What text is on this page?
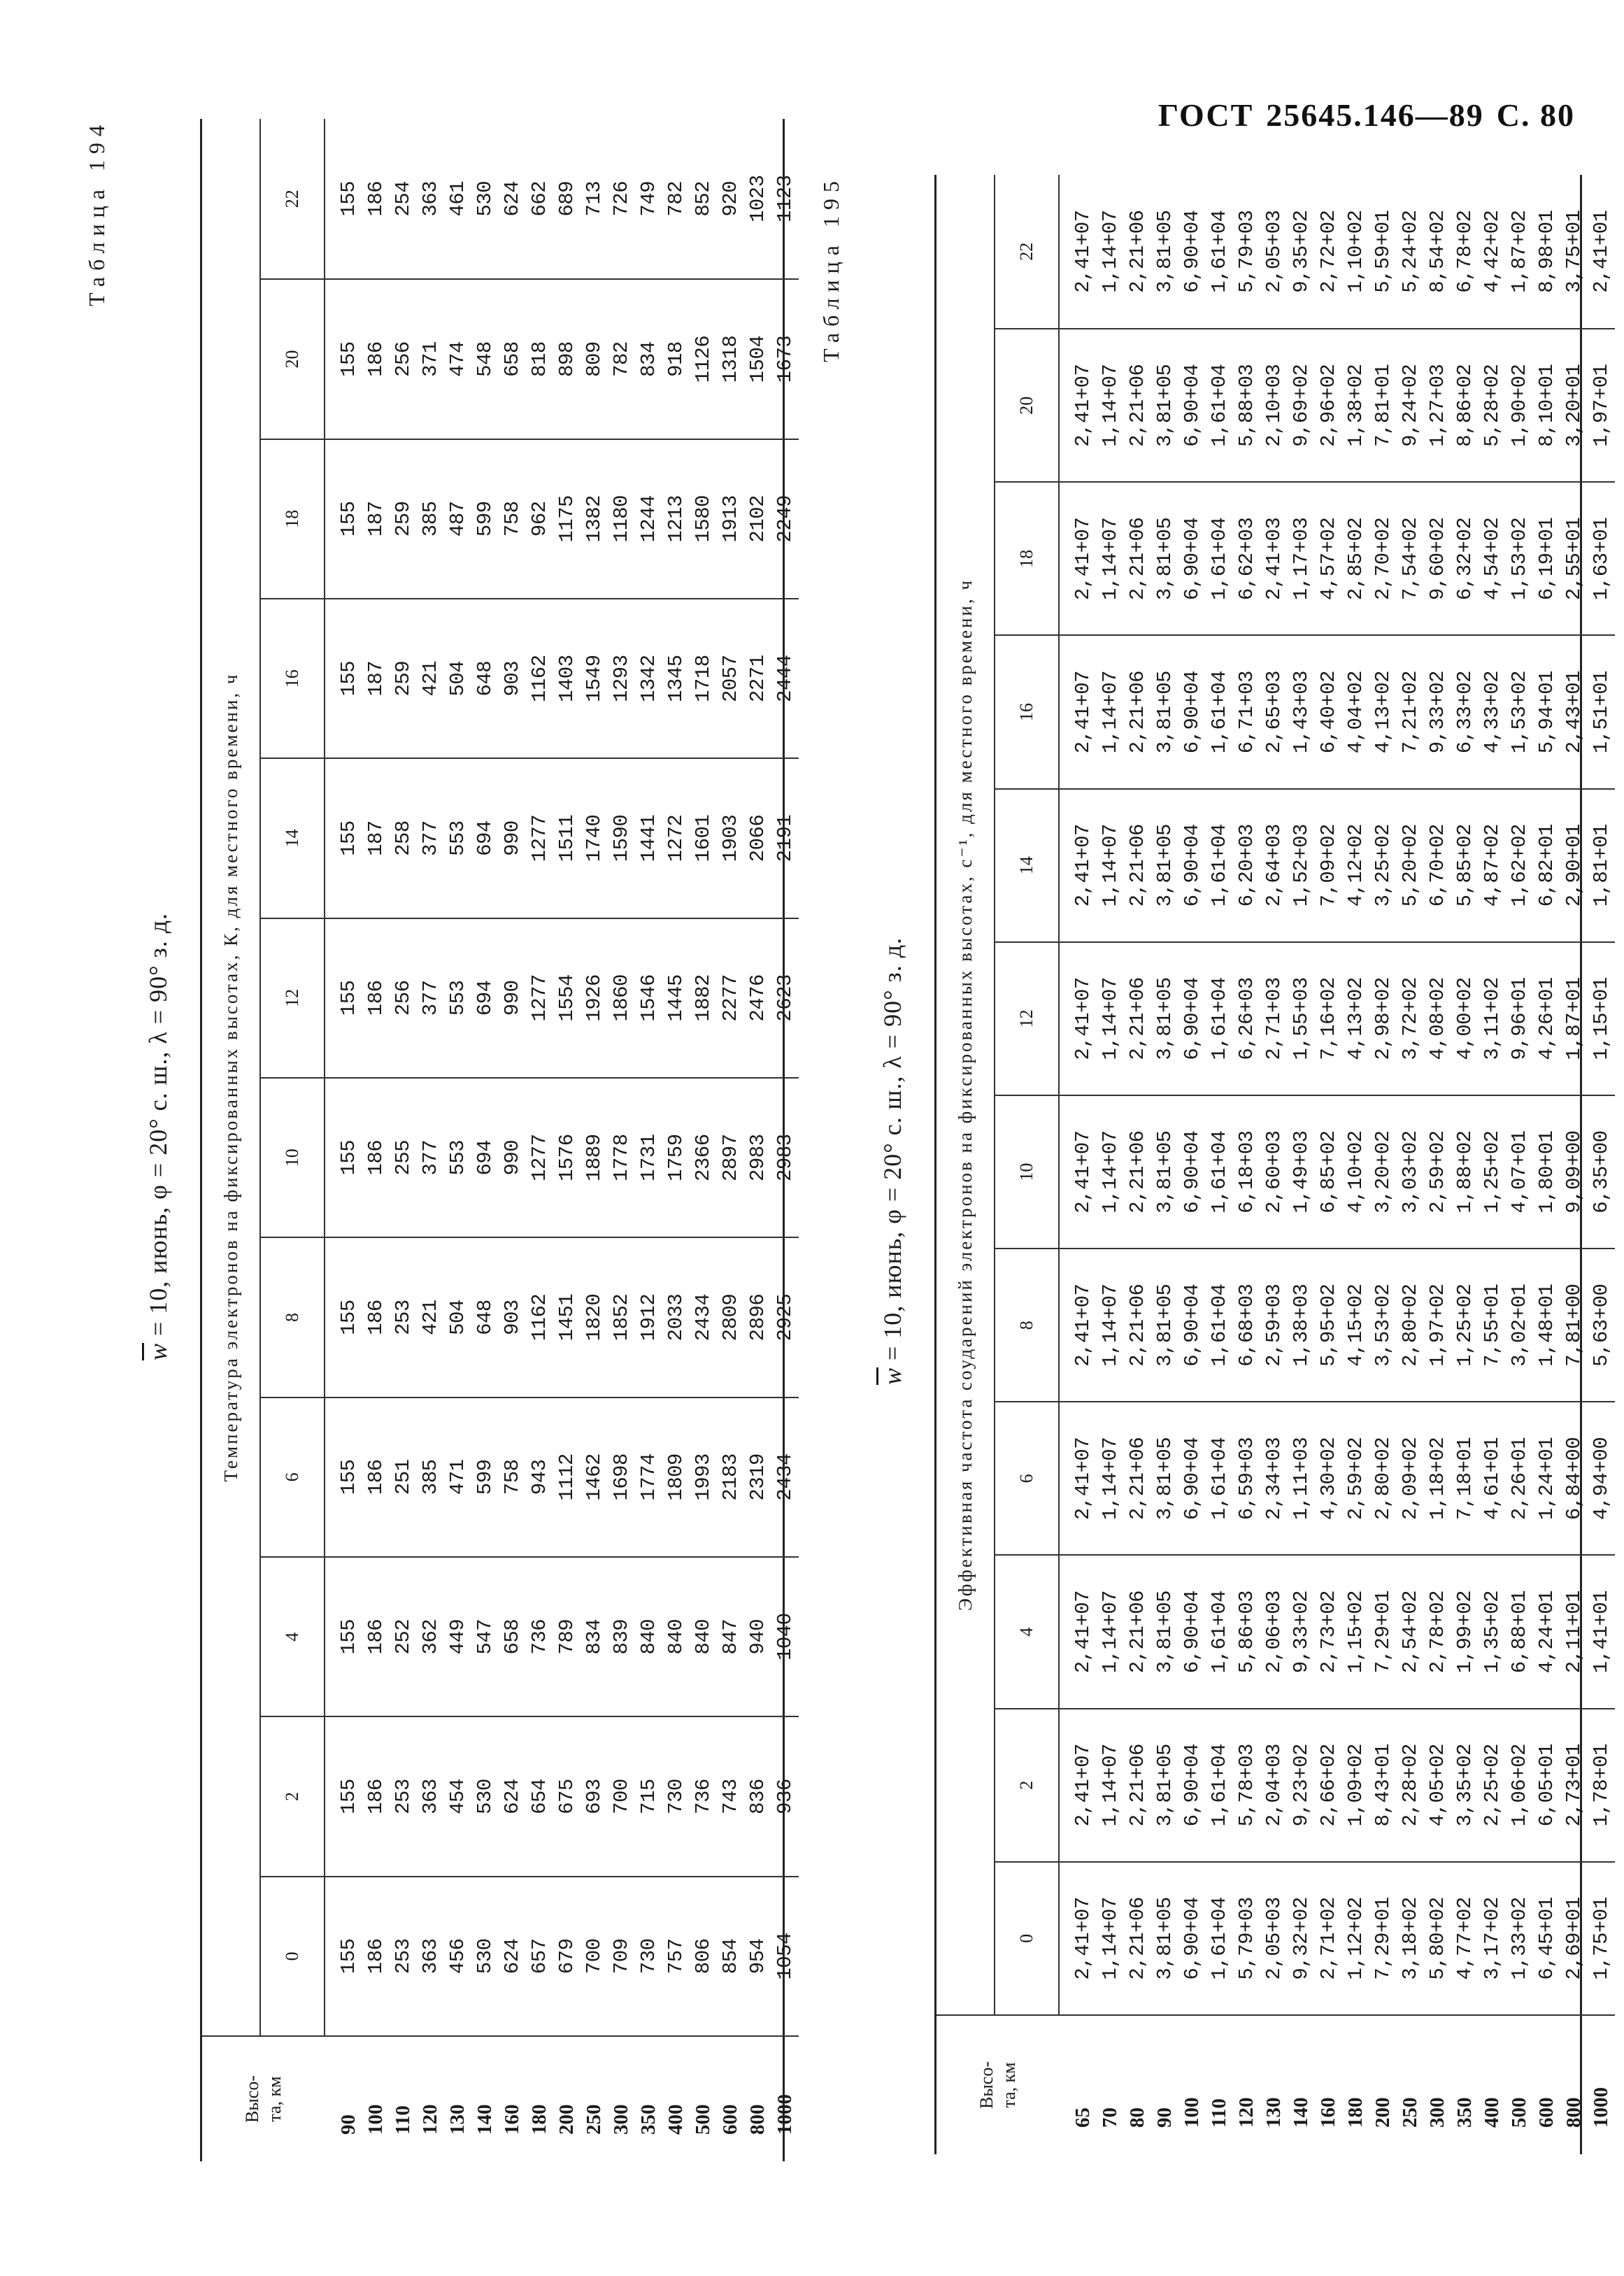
ГОСТ 25645.146—89 С. 80
Таблица 194
$\overline{w} = 10$, июнь, φ = 20° с. ш., λ = 90° з. д.
Высо-
та, км
Температура электронов на фиксированных высотах, К, для местного времени, ч
0
2
4
6
8
10
12
14
16
18
20
22
90 100 110 120 130 140 160 180 200 250 300 350 400 500 600 800 1000
155 186 253 363 456 530 624 657 679 700 709 730 757 806 854 954 1054
155 186 253 363 454 530 624 654 675 693 700 715 730 736 743 836 936
155 186 252 362 449 547 658 736 789 834 839 840 840 840 847 940 1040
155 186 251 385 471 599 758 943 1112 1462 1698 1774 1809 1993 2183 2319 2434
155 186 253 421 504 648 903 1162 1451 1820 1852 1912 2033 2434 2809 2896 2925
155 186 255 377 553 694 990 1277 1576 1889 1778 1731 1759 2366 2897 2983 2983
155 186 256 377 553 694 990 1277 1554 1926 1860 1546 1445 1882 2277 2476 2623
155 187 258 377 553 694 990 1277 1511 1740 1590 1441 1272 1601 1903 2066 2191
155 187 259 421 504 648 903 1162 1403 1549 1293 1342 1345 1718 2057 2271 2444
155 187 259 385 487 599 758 962 1175 1382 1180 1244 1213 1580 1913 2102 2249
155 186 256 371 474 548 658 818 898 809 782 834 918 1126 1318 1504 1673
155 186 254 363 461 530 624 662 689 713 726 749 782 852 920 1023 1123 Таблица 195
$\overline{w} = 10$, июнь, φ = 20° с. ш., λ = 90° з. д.
Высо-
та, км
Эффективная частота соударений электронов на фиксированных высотах, с⁻¹, для местного времени, ч
0
2
4
6
8
10
12
14
16
18
20
22
65 70 80 90 100 110 120 130 140 160 180 200 250 300 350 400 500 600 800 1000
2,41+07 1,14+07 2,21+06 3,81+05 6,90+04 1,61+04 5,79+03 2,05+03 9,32+02 2,71+02 1,12+02 7,29+01 3,18+02 5,80+02 4,77+02 3,17+02 1,33+02 6,45+01 2,69+01 1,75+01
2,41+07 1,14+07 2,21+06 3,81+05 6,90+04 1,61+04 5,78+03 2,04+03 9,23+02 2,66+02 1,09+02 8,43+01 2,28+02 4,05+02 3,35+02 2,25+02 1,06+02 6,05+01 2,73+01 1,78+01
2,41+07 1,14+07 2,21+06 3,81+05 6,90+04 1,61+04 5,86+03 2,06+03 9,33+02 2,73+02 1,15+02 7,29+01 2,54+02 2,78+02 1,99+02 1,35+02 6,88+01 4,24+01 2,11+01 1,41+01
2,41+07 1,14+07 2,21+06 3,81+05 6,90+04 1,61+04 6,59+03 2,34+03 1,11+03 4,30+02 2,59+02 2,80+02 2,09+02 1,18+02 7,18+01 4,61+01 2,26+01 1,24+01 6,84+00 4,94+00
2,41+07 1,14+07 2,21+06 3,81+05 6,90+04 1,61+04 6,68+03 2,59+03 1,38+03 5,95+02 4,15+02 3,53+02 2,80+02 1,97+02 1,25+02 7,55+01 3,02+01 1,48+01 7,81+00 5,63+00
2,41+07 1,14+07 2,21+06 3,81+05 6,90+04 1,61+04 6,18+03 2,60+03 1,49+03 6,85+02 4,10+02 3,20+02 3,03+02 2,59+02 1,88+02 1,25+02 4,07+01 1,80+01 9,09+00 6,35+00
2,41+07 1,14+07 2,21+06 3,81+05 6,90+04 1,61+04 6,26+03 2,71+03 1,55+03 7,16+02 4,13+02 2,98+02 3,72+02 4,08+02 4,00+02 3,11+02 9,96+01 4,26+01 1,87+01 1,15+01
2,41+07 1,14+07 2,21+06 3,81+05 6,90+04 1,61+04 6,20+03 2,64+03 1,52+03 7,09+02 4,12+02 3,25+02 5,20+02 6,70+02 5,85+02 4,87+02 1,62+02 6,82+01 2,90+01 1,81+01
2,41+07 1,14+07 2,21+06 3,81+05 6,90+04 1,61+04 6,71+03 2,65+03 1,43+03 6,40+02 4,04+02 4,13+02 7,21+02 9,33+02 6,33+02 4,33+02 1,53+02 5,94+01 2,43+01 1,51+01
2,41+07 1,14+07 2,21+06 3,81+05 6,90+04 1,61+04 6,62+03 2,41+03 1,17+03 4,57+02 2,85+02 2,70+02 7,54+02 9,60+02 6,32+02 4,54+02 1,53+02 6,19+01 2,55+01 1,63+01
2,41+07 1,14+07 2,21+06 3,81+05 6,90+04 1,61+04 5,88+03 2,10+03 9,69+02 2,96+02 1,38+02 7,81+01 9,24+02 1,27+03 8,86+02 5,28+02 1,90+02 8,10+01 3,20+01 1,97+01
2,41+07 1,14+07 2,21+06 3,81+05 6,90+04 1,61+04 5,79+03 2,05+03 9,35+02 2,72+02 1,10+02 5,59+01 5,24+02 8,54+02 6,78+02 4,42+02 1,87+02 8,98+01 3,75+01 2,41+01
